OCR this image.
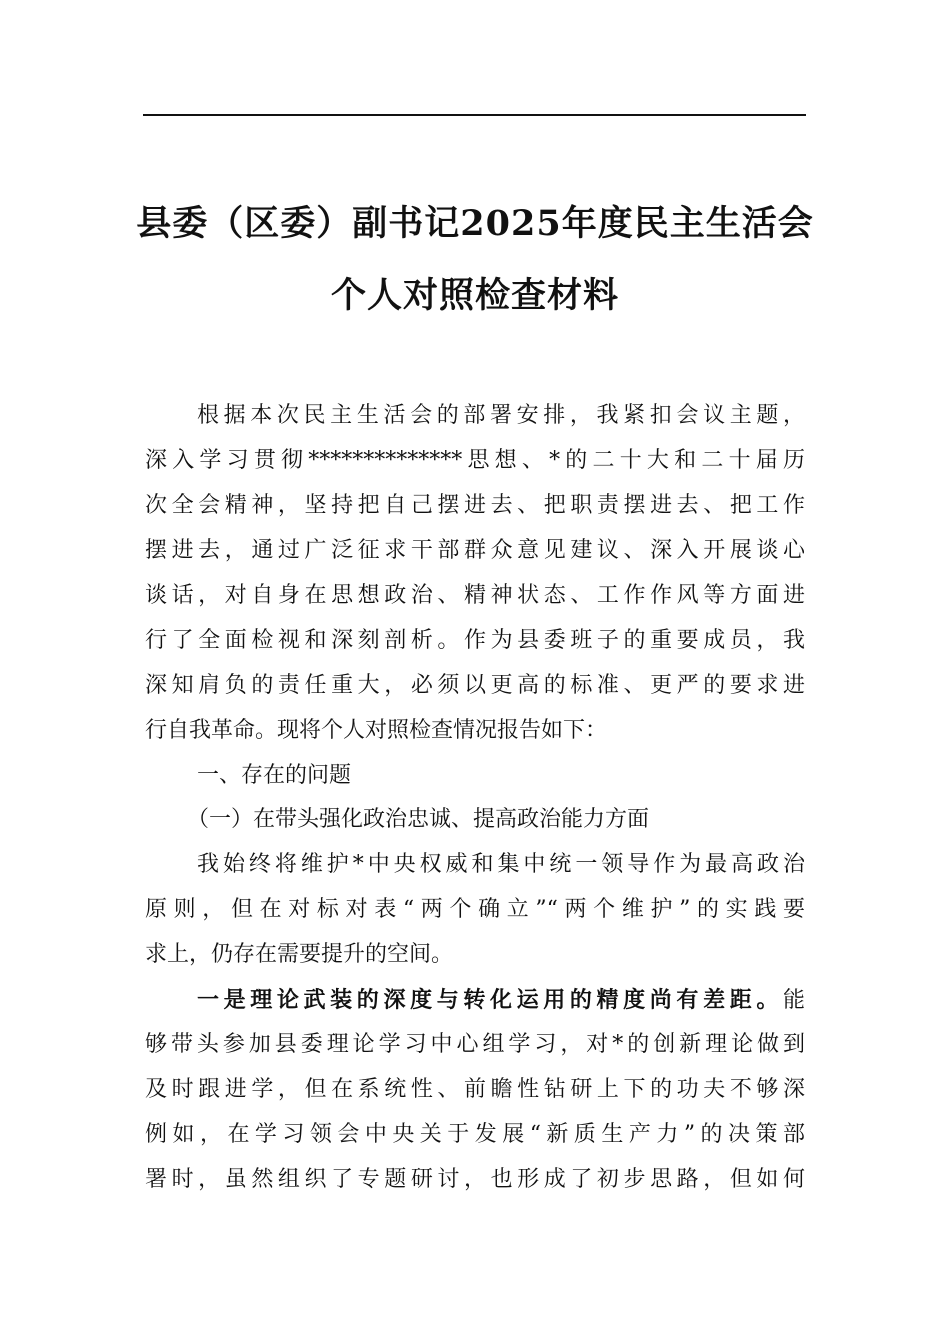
县委（区委）副书记2025年度民主生活会
个人对照检查材料
根据本次民主生活会的部署安排，我紧扣会议主题，
深入学习贯彻**************思想、*的二十大和二十届历
次全会精神，坚持把自己摆进去、把职责摆进去、把工作
摆进去，通过广泛征求干部群众意见建议、深入开展谈心
谈话，对自身在思想政治、精神状态、工作作风等方面进
行了全面检视和深刻剖析。作为县委班子的重要成员，我
深知肩负的责任重大，必须以更高的标准、更严的要求进
行自我革命。现将个人对照检查情况报告如下：
一、存在的问题
（一）在带头强化政治忠诚、提高政治能力方面
我始终将维护*中央权威和集中统一领导作为最高政治
原则，但在对标对表“两个确立”“两个维护”的实践要
求上，仍存在需要提升的空间。
一是理论武装的深度与转化运用的精度尚有差距。能
够带头参加县委理论学习中心组学习，对*的创新理论做到
及时跟进学，但在系统性、前瞻性钻研上下的功夫不够深
例如，在学习领会中央关于发展“新质生产力”的决策部
署时，虽然组织了专题研讨，也形成了初步思路，但如何
